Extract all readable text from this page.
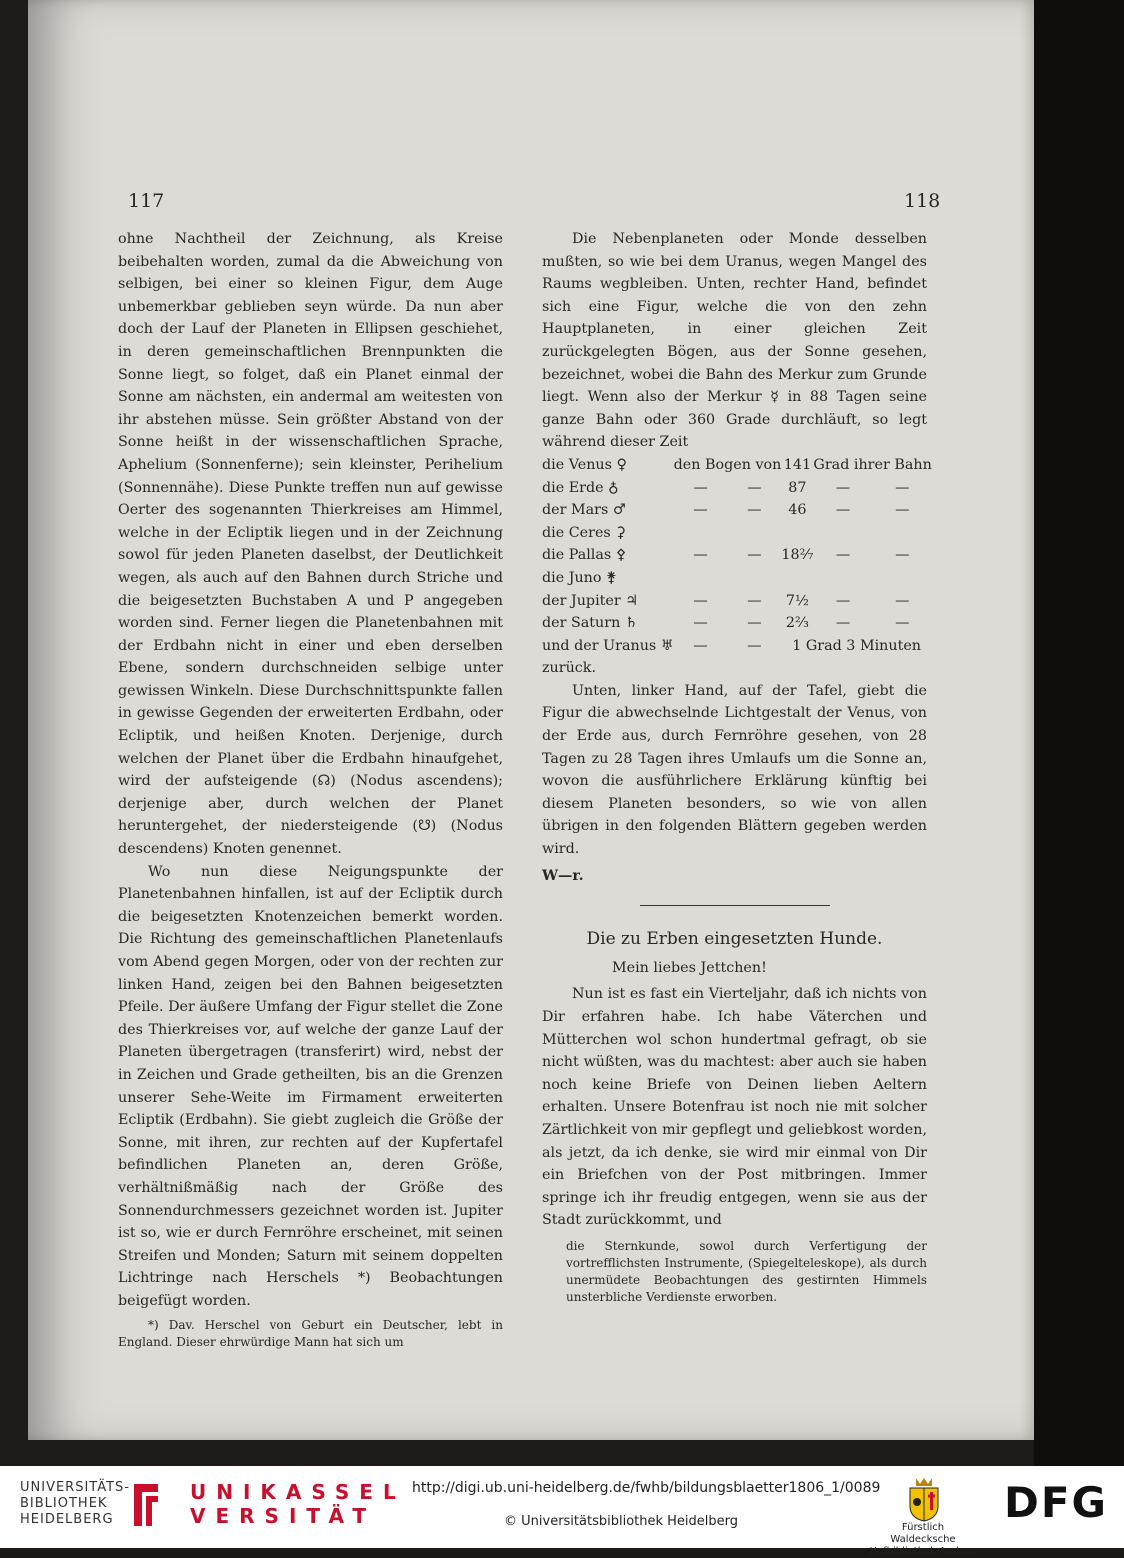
117	118

ohne Nachtheil der Zeichnung, als Kreise beibehalten worden, zumal da die Abweichung von selbigen, bei einer so kleinen Figur, dem Auge unbemerkbar geblieben seyn würde. Da nun aber doch der Lauf der Planeten in Ellipsen geschiehet, in deren gemeinschaftlichen Brennpunkten die Sonne liegt, so folget, daß ein Planet einmal der Sonne am nächsten, ein andermal am weitesten von ihr abstehen müsse. Sein größter Abstand von der Sonne heißt in der wissenschaftlichen Sprache, Aphelium (Sonnenferne); sein kleinster, Perihelium (Sonnennähe). Diese Punkte treffen nun auf gewisse Oerter des sogenannten Thierkreises am Himmel, welche in der Ecliptik liegen und in der Zeichnung sowol für jeden Planeten daselbst, der Deutlichkeit wegen, als auch auf den Bahnen durch Striche und die beigesetzten Buchstaben A und P angegeben worden sind. Ferner liegen die Planetenbahnen mit der Erdbahn nicht in einer und eben derselben Ebene, sondern durchschneiden selbige unter gewissen Winkeln. Diese Durchschnittspunkte fallen in gewisse Gegenden der erweiterten Erdbahn, oder Ecliptik, und heißen Knoten. Derjenige, durch welchen der Planet über die Erdbahn hinaufgehet, wird der aufsteigende (☊) (Nodus ascendens); derjenige aber, durch welchen der Planet heruntergehet, der niedersteigende (☋) (Nodus descendens) Knoten genennet.

Wo nun diese Neigungspunkte der Planetenbahnen hinfallen, ist auf der Ecliptik durch die beigesetzten Knotenzeichen bemerkt worden. Die Richtung des gemeinschaftlichen Planetenlaufs vom Abend gegen Morgen, oder von der rechten zur linken Hand, zeigen bei den Bahnen beigesetzten Pfeile. Der äußere Umfang der Figur stellet die Zone des Thierkreises vor, auf welche der ganze Lauf der Planeten übergetragen (transferirt) wird, nebst der in Zeichen und Grade getheilten, bis an die Grenzen unserer Sehe-Weite im Firmament erweiterten Ecliptik (Erdbahn). Sie giebt zugleich die Größe der Sonne, mit ihren, zur rechten auf der Kupfertafel befindlichen Planeten an, deren Größe, verhältnißmäßig nach der Größe des Sonnendurchmessers gezeichnet worden ist. Jupiter ist so, wie er durch Fernröhre erscheinet, mit seinen Streifen und Monden; Saturn mit seinem doppelten Lichtringe nach Herschels *) Beobachtungen beigefügt worden.

*) Dav. Herschel von Geburt ein Deutscher, lebt in England. Dieser ehrwürdige Mann hat sich um

Die Nebenplaneten oder Monde desselben mußten, so wie bei dem Uranus, wegen Mangel des Raums wegbleiben. Unten, rechter Hand, befindet sich eine Figur, welche die von den zehn Hauptplaneten, in einer gleichen Zeit zurückgelegten Bögen, aus der Sonne gesehen, bezeichnet, wobei die Bahn des Merkur zum Grunde liegt. Wenn also der Merkur ☿ in 88 Tagen seine ganze Bahn oder 360 Grade durchläuft, so legt während dieser Zeit

die Venus ♀	den Bogen von		141	Grad ihrer Bahn	
die Erde ♁	—	—	87	—	—
der Mars ♂	—	—	46	—	—
die Ceres ⚳					
die Pallas ⚴	—	—	18²⁄₇	—	—
die Juno ⚵					
der Jupiter ♃	—	—	7½	—	—
der Saturn ♄	—	—	2⅔	—	—
und der Uranus ♅	—	—	1 Grad 3 Minuten		

zurück.

Unten, linker Hand, auf der Tafel, giebt die Figur die abwechselnde Lichtgestalt der Venus, von der Erde aus, durch Fernröhre gesehen, von 28 Tagen zu 28 Tagen ihres Umlaufs um die Sonne an, wovon die ausführlichere Erklärung künftig bei diesem Planeten besonders, so wie von allen übrigen in den folgenden Blättern gegeben werden wird.

W—r.

Die zu Erben eingesetzten Hunde.

Mein liebes Jettchen!

Nun ist es fast ein Vierteljahr, daß ich nichts von Dir erfahren habe. Ich habe Väterchen und Mütterchen wol schon hundertmal gefragt, ob sie nicht wüßten, was du machtest: aber auch sie haben noch keine Briefe von Deinen lieben Aeltern erhalten. Unsere Botenfrau ist noch nie mit solcher Zärtlichkeit von mir gepflegt und geliebkost worden, als jetzt, da ich denke, sie wird mir einmal von Dir ein Briefchen von der Post mitbringen. Immer springe ich ihr freudig entgegen, wenn sie aus der Stadt zurückkommt, und

die Sternkunde, sowol durch Verfertigung der vortrefflichsten Instrumente, (Spiegelteleskope), als durch unermüdete Beobachtungen des gestirnten Himmels unsterbliche Verdienste erworben.

UNIVERSITÄTS-
BIBLIOTHEK
HEIDELBERG
UNIKASSEL
VERSITÄT
http://digi.ub.uni-heidelberg.de/fwhb/bildungsblaetter1806_1/0089
© Universitätsbibliothek Heidelberg	Fürstlich Waldecksche
Hofbibliothek Arolsen
DFG
